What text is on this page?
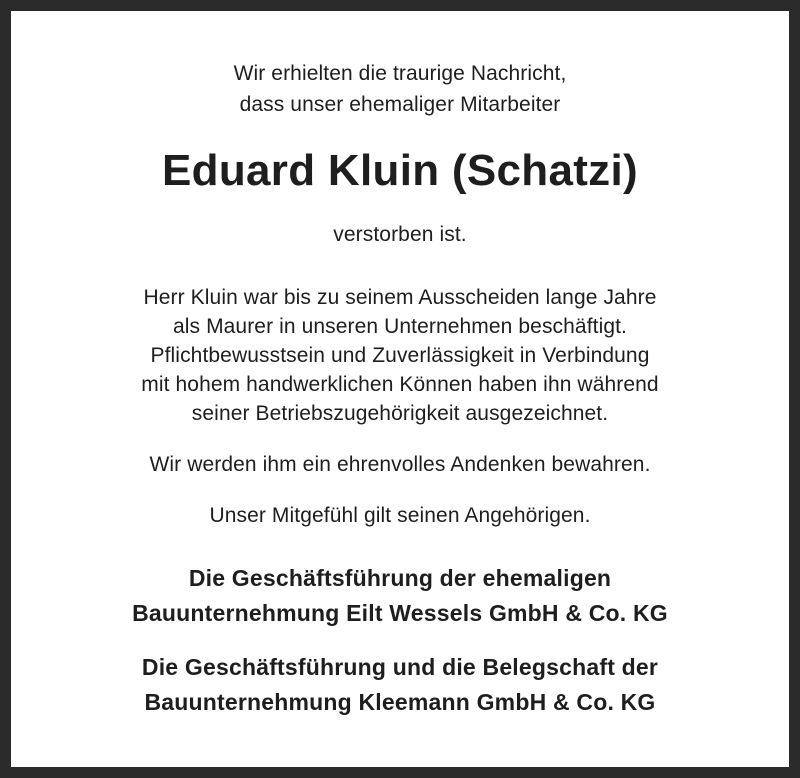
Wir erhielten die traurige Nachricht,
dass unser ehemaliger Mitarbeiter
Eduard Kluin (Schatzi)
verstorben ist.
Herr Kluin war bis zu seinem Ausscheiden lange Jahre
als Maurer in unseren Unternehmen beschäftigt.
Pflichtbewusstsein und Zuverlässigkeit in Verbindung
mit hohem handwerklichen Können haben ihn während
seiner Betriebszugehörigkeit ausgezeichnet.
Wir werden ihm ein ehrenvolles Andenken bewahren.
Unser Mitgefühl gilt seinen Angehörigen.
Die Geschäftsführung der ehemaligen
Bauunternehmung Eilt Wessels GmbH & Co. KG
Die Geschäftsführung und die Belegschaft der
Bauunternehmung Kleemann GmbH & Co. KG
